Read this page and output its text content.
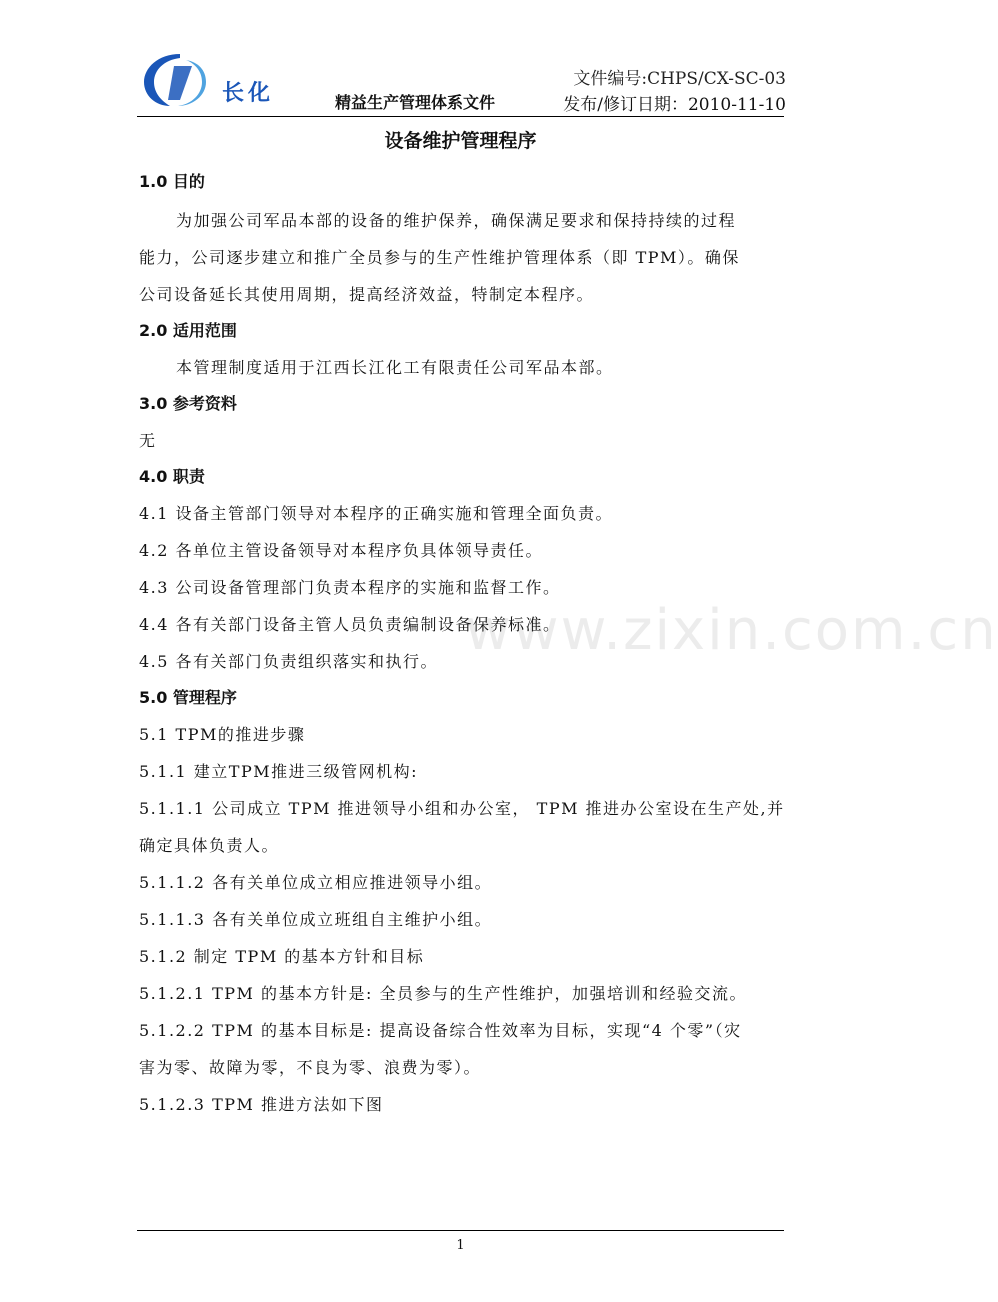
长化
文件编号:CHPS/CX-SC-03
精益生产管理体系文件	发布/修订日期：2010-11-10
设备维护管理程序
www.zixin.com.cn

1.0 目的

为加强公司军品本部的设备的维护保养，确保满足要求和保持持续的过程

能力，公司逐步建立和推广全员参与的生产性维护管理体系（即 TPM）。确保

公司设备延长其使用周期，提高经济效益，特制定本程序。

2.0 适用范围

本管理制度适用于江西长江化工有限责任公司军品本部。

3.0 参考资料

无

4.0 职责

4.1 设备主管部门领导对本程序的正确实施和管理全面负责。

4.2 各单位主管设备领导对本程序负具体领导责任。

4.3 公司设备管理部门负责本程序的实施和监督工作。

4.4 各有关部门设备主管人员负责编制设备保养标准。

4.5 各有关部门负责组织落实和执行。

5.0 管理程序

5.1 TPM的推进步骤

5.1.1 建立TPM推进三级管网机构:

5.1.1.1 公司成立 TPM 推进领导小组和办公室， TPM 推进办公室设在生产处,并

确定具体负责人。

5.1.1.2 各有关单位成立相应推进领导小组。

5.1.1.3 各有关单位成立班组自主维护小组。

5.1.2 制定 TPM 的基本方针和目标

5.1.2.1 TPM 的基本方针是: 全员参与的生产性维护，加强培训和经验交流。

5.1.2.2 TPM 的基本目标是: 提高设备综合性效率为目标，实现“4 个零”（灾

害为零、故障为零，不良为零、浪费为零）。

5.1.2.3 TPM 推进方法如下图

1
